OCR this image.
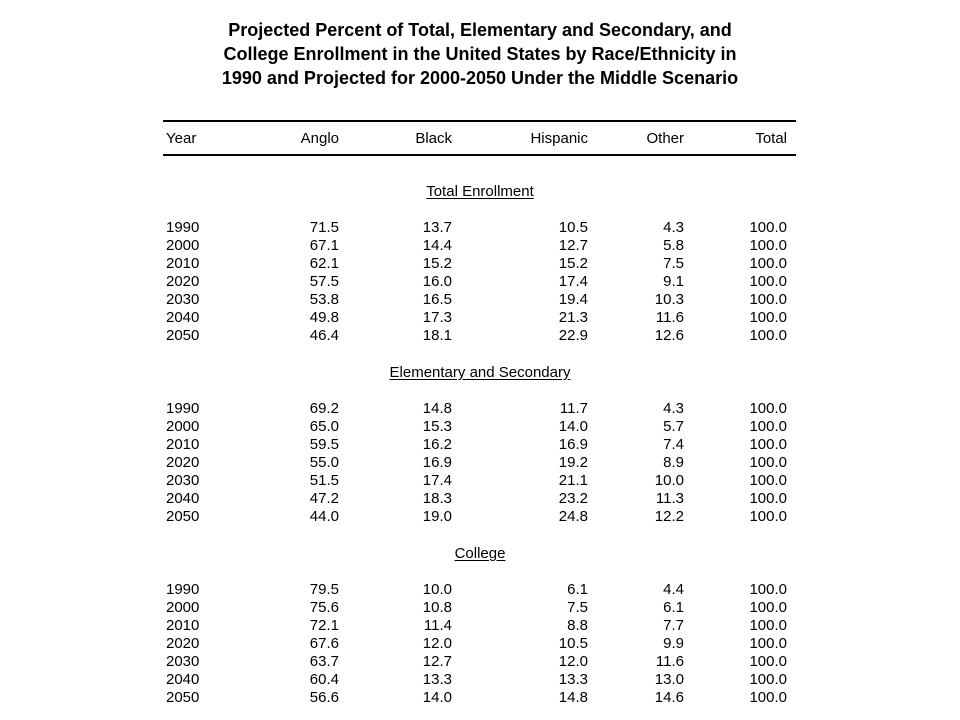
Projected Percent of Total, Elementary and Secondary, and
College Enrollment in the United States by Race/Ethnicity in
1990 and Projected for 2000-2050 Under the Middle Scenario
Year	Anglo	Black	Hispanic	Other	Total
Total Enrollment
1990	71.5	13.7	10.5	4.3	100.0
2000	67.1	14.4	12.7	5.8	100.0
2010	62.1	15.2	15.2	7.5	100.0
2020	57.5	16.0	17.4	9.1	100.0
2030	53.8	16.5	19.4	10.3	100.0
2040	49.8	17.3	21.3	11.6	100.0
2050	46.4	18.1	22.9	12.6	100.0
Elementary and Secondary
1990	69.2	14.8	11.7	4.3	100.0
2000	65.0	15.3	14.0	5.7	100.0
2010	59.5	16.2	16.9	7.4	100.0
2020	55.0	16.9	19.2	8.9	100.0
2030	51.5	17.4	21.1	10.0	100.0
2040	47.2	18.3	23.2	11.3	100.0
2050	44.0	19.0	24.8	12.2	100.0
College
1990	79.5	10.0	6.1	4.4	100.0
2000	75.6	10.8	7.5	6.1	100.0
2010	72.1	11.4	8.8	7.7	100.0
2020	67.6	12.0	10.5	9.9	100.0
2030	63.7	12.7	12.0	11.6	100.0
2040	60.4	13.3	13.3	13.0	100.0
2050	56.6	14.0	14.8	14.6	100.0
